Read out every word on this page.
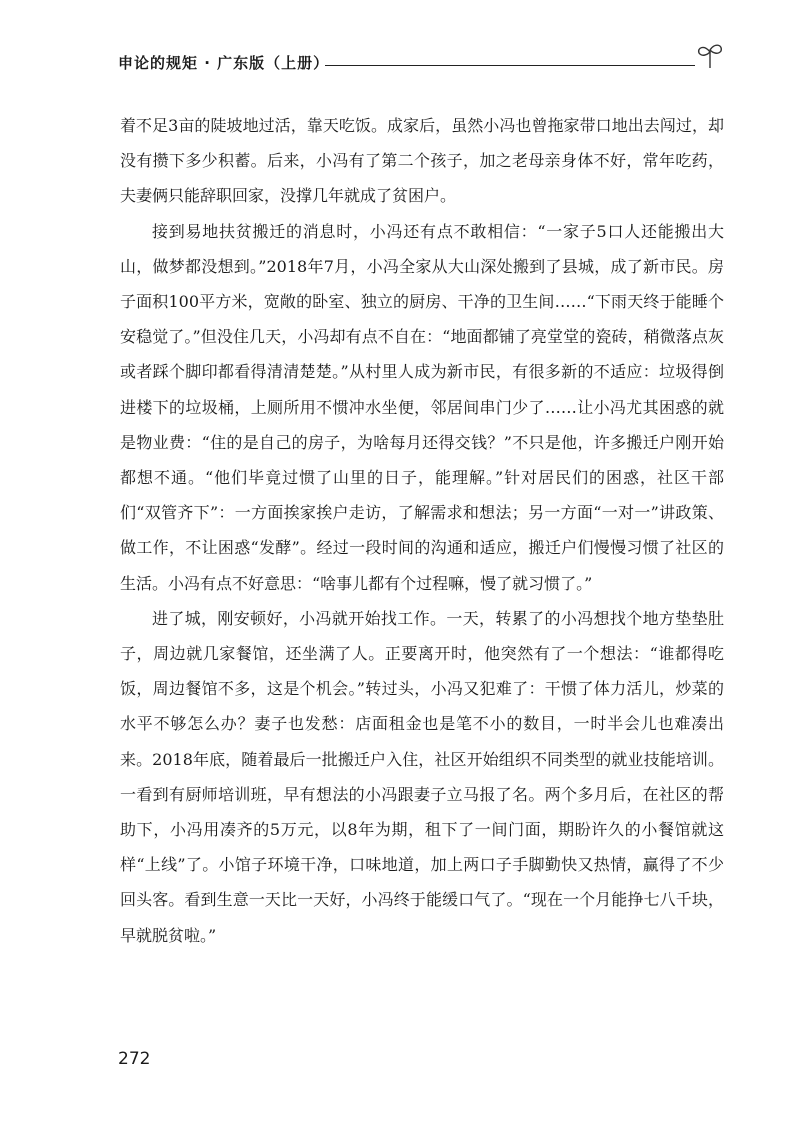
申论的规矩 · 广东版（上册）

着不足3亩的陡坡地过活，靠天吃饭。成家后，虽然小冯也曾拖家带口地出去闯过，却没有攒下多少积蓄。后来，小冯有了第二个孩子，加之老母亲身体不好，常年吃药，夫妻俩只能辞职回家，没撑几年就成了贫困户。

接到易地扶贫搬迁的消息时，小冯还有点不敢相信：“一家子5口人还能搬出大山，做梦都没想到。”2018年7月，小冯全家从大山深处搬到了县城，成了新市民。房子面积100平方米，宽敞的卧室、独立的厨房、干净的卫生间……“下雨天终于能睡个安稳觉了。”但没住几天，小冯却有点不自在：“地面都铺了亮堂堂的瓷砖，稍微落点灰或者踩个脚印都看得清清楚楚。”从村里人成为新市民，有很多新的不适应：垃圾得倒进楼下的垃圾桶，上厕所用不惯冲水坐便，邻居间串门少了……让小冯尤其困惑的就是物业费：“住的是自己的房子，为啥每月还得交钱？”不只是他，许多搬迁户刚开始都想不通。“他们毕竟过惯了山里的日子，能理解。”针对居民们的困惑，社区干部们“双管齐下”：一方面挨家挨户走访，了解需求和想法；另一方面“一对一”讲政策、做工作，不让困惑“发酵”。经过一段时间的沟通和适应，搬迁户们慢慢习惯了社区的生活。小冯有点不好意思：“啥事儿都有个过程嘛，慢了就习惯了。”

进了城，刚安顿好，小冯就开始找工作。一天，转累了的小冯想找个地方垫垫肚子，周边就几家餐馆，还坐满了人。正要离开时，他突然有了一个想法：“谁都得吃饭，周边餐馆不多，这是个机会。”转过头，小冯又犯难了：干惯了体力活儿，炒菜的水平不够怎么办？妻子也发愁：店面租金也是笔不小的数目，一时半会儿也难凑出来。2018年底，随着最后一批搬迁户入住，社区开始组织不同类型的就业技能培训。一看到有厨师培训班，早有想法的小冯跟妻子立马报了名。两个多月后，在社区的帮助下，小冯用凑齐的5万元，以8年为期，租下了一间门面，期盼许久的小餐馆就这样“上线”了。小馆子环境干净，口味地道，加上两口子手脚勤快又热情，赢得了不少回头客。看到生意一天比一天好，小冯终于能缓口气了。“现在一个月能挣七八千块，早就脱贫啦。”

272
